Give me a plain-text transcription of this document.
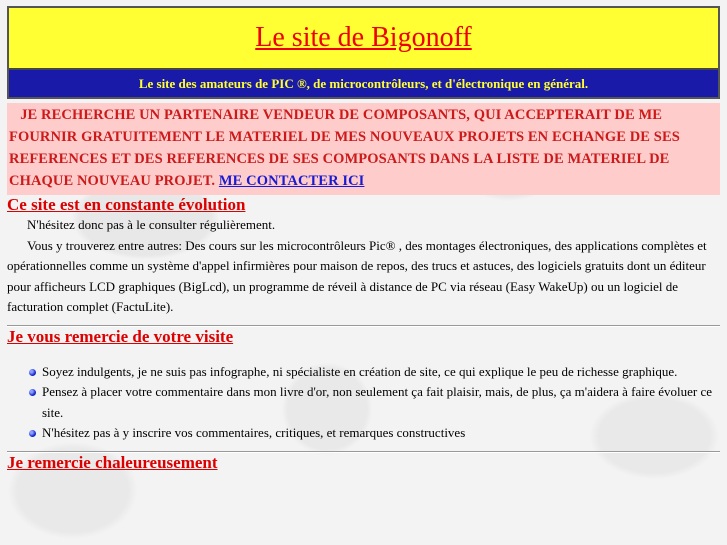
Le site de Bigonoff
Le site des amateurs de PIC ®, de microcontrôleurs, et d'électronique en général.
JE RECHERCHE UN PARTENAIRE VENDEUR DE COMPOSANTS, QUI ACCEPTERAIT DE ME FOURNIR GRATUITEMENT LE MATERIEL DE MES NOUVEAUX PROJETS EN ECHANGE DE SES REFERENCES ET DES REFERENCES DE SES COMPOSANTS DANS LA LISTE DE MATERIEL DE CHAQUE NOUVEAU PROJET. ME CONTACTER ICI
Ce site est en constante évolution

N'hésitez donc pas à le consulter régulièrement.

Vous y trouverez entre autres: Des cours sur les microcontrôleurs Pic® , des montages électroniques, des applications complètes et opérationnelles comme un système d'appel infirmières pour maison de repos, des trucs et astuces, des logiciels gratuits dont un éditeur pour afficheurs LCD graphiques (BigLcd), un programme de réveil à distance de PC via réseau (Easy WakeUp) ou un logiciel de facturation complet (FactuLite).

Je vous remercie de votre visite
Soyez indulgents, je ne suis pas infographe, ni spécialiste en création de site, ce qui explique le peu de richesse graphique.
Pensez à placer votre commentaire dans mon livre d'or, non seulement ça fait plaisir, mais, de plus, ça m'aidera à faire évoluer ce site.
N'hésitez pas à y inscrire vos commentaires, critiques, et remarques constructives
Je remercie chaleureusement
